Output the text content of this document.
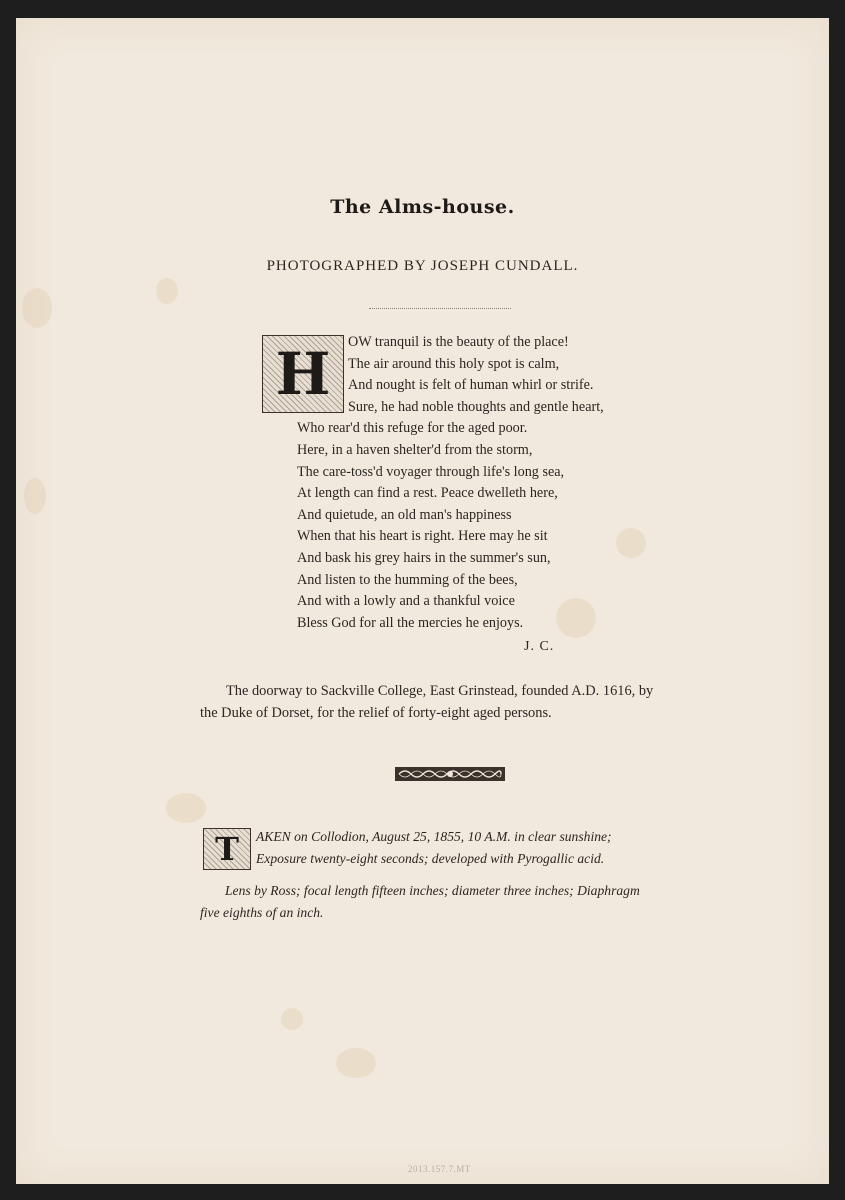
The Alms-house.
PHOTOGRAPHED BY JOSEPH CUNDALL.
H	OW tranquil is the beauty of the place!
The air around this holy spot is calm,
And nought is felt of human whirl or strife.
Sure, he had noble thoughts and gentle heart,
Who rear'd this refuge for the aged poor.
Here, in a haven shelter'd from the storm,
The care-toss'd voyager through life's long sea,
At length can find a rest. Peace dwelleth here,
And quietude, an old man's happiness
When that his heart is right. Here may he sit
And bask his grey hairs in the summer's sun,
And listen to the humming of the bees,
And with a lowly and a thankful voice
Bless God for all the mercies he enjoys.
J. C.
The doorway to Sackville College, East Grinstead, founded A.D. 1616, by
the Duke of Dorset, for the relief of forty-eight aged persons.
T AKEN on Collodion, August 25, 1855, 10 A.M. in clear sunshine;
Exposure twenty-eight seconds; developed with Pyrogallic acid.
Lens by Ross; focal length fifteen inches; diameter three inches; Diaphragm
five eighths of an inch.
2013.157.7.MT
